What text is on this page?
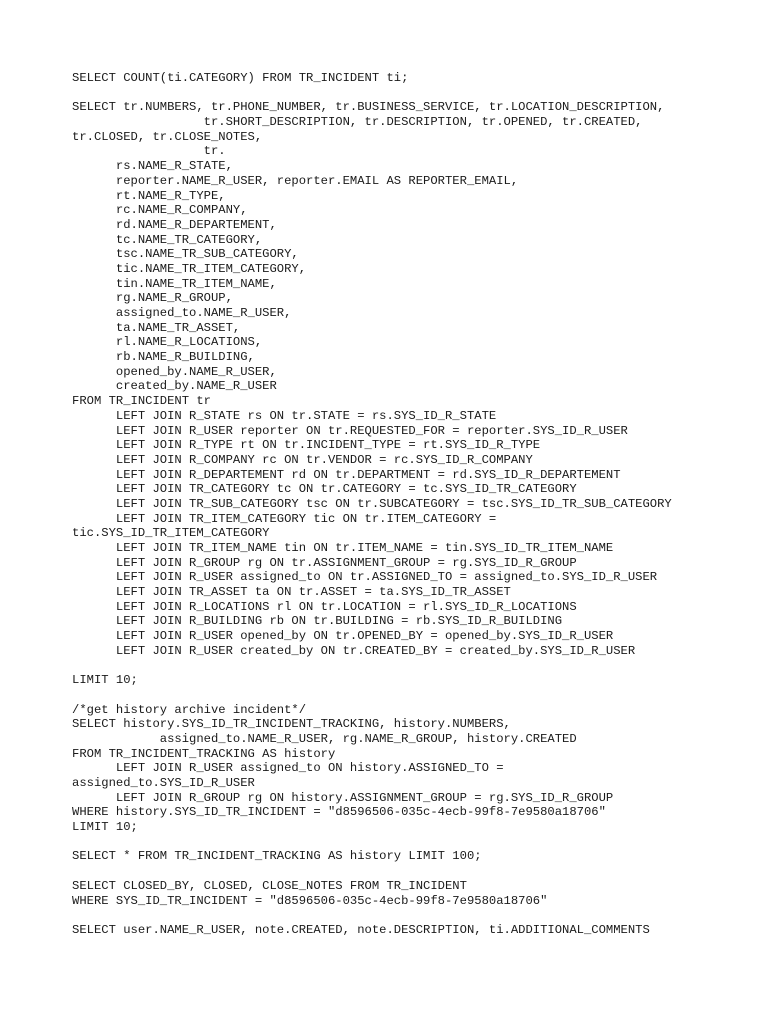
SELECT COUNT(ti.CATEGORY) FROM TR_INCIDENT ti;
SELECT tr.NUMBERS, tr.PHONE_NUMBER, tr.BUSINESS_SERVICE, tr.LOCATION_DESCRIPTION,
tr.SHORT_DESCRIPTION, tr.DESCRIPTION, tr.OPENED, tr.CREATED,
tr.CLOSED, tr.CLOSE_NOTES,
tr.
rs.NAME_R_STATE,
reporter.NAME_R_USER, reporter.EMAIL AS REPORTER_EMAIL,
rt.NAME_R_TYPE,
rc.NAME_R_COMPANY,
rd.NAME_R_DEPARTEMENT,
tc.NAME_TR_CATEGORY,
tsc.NAME_TR_SUB_CATEGORY,
tic.NAME_TR_ITEM_CATEGORY,
tin.NAME_TR_ITEM_NAME,
rg.NAME_R_GROUP,
assigned_to.NAME_R_USER,
ta.NAME_TR_ASSET,
rl.NAME_R_LOCATIONS,
rb.NAME_R_BUILDING,
opened_by.NAME_R_USER,
created_by.NAME_R_USER
FROM TR_INCIDENT tr
LEFT JOIN R_STATE rs ON tr.STATE = rs.SYS_ID_R_STATE
LEFT JOIN R_USER reporter ON tr.REQUESTED_FOR = reporter.SYS_ID_R_USER
LEFT JOIN R_TYPE rt ON tr.INCIDENT_TYPE = rt.SYS_ID_R_TYPE
LEFT JOIN R_COMPANY rc ON tr.VENDOR = rc.SYS_ID_R_COMPANY
LEFT JOIN R_DEPARTEMENT rd ON tr.DEPARTMENT = rd.SYS_ID_R_DEPARTEMENT
LEFT JOIN TR_CATEGORY tc ON tr.CATEGORY = tc.SYS_ID_TR_CATEGORY
LEFT JOIN TR_SUB_CATEGORY tsc ON tr.SUBCATEGORY = tsc.SYS_ID_TR_SUB_CATEGORY
LEFT JOIN TR_ITEM_CATEGORY tic ON tr.ITEM_CATEGORY =
tic.SYS_ID_TR_ITEM_CATEGORY
LEFT JOIN TR_ITEM_NAME tin ON tr.ITEM_NAME = tin.SYS_ID_TR_ITEM_NAME
LEFT JOIN R_GROUP rg ON tr.ASSIGNMENT_GROUP = rg.SYS_ID_R_GROUP
LEFT JOIN R_USER assigned_to ON tr.ASSIGNED_TO = assigned_to.SYS_ID_R_USER
LEFT JOIN TR_ASSET ta ON tr.ASSET = ta.SYS_ID_TR_ASSET
LEFT JOIN R_LOCATIONS rl ON tr.LOCATION = rl.SYS_ID_R_LOCATIONS
LEFT JOIN R_BUILDING rb ON tr.BUILDING = rb.SYS_ID_R_BUILDING
LEFT JOIN R_USER opened_by ON tr.OPENED_BY = opened_by.SYS_ID_R_USER
LEFT JOIN R_USER created_by ON tr.CREATED_BY = created_by.SYS_ID_R_USER
LIMIT 10;
/*get history archive incident*/
SELECT history.SYS_ID_TR_INCIDENT_TRACKING, history.NUMBERS,
assigned_to.NAME_R_USER, rg.NAME_R_GROUP, history.CREATED
FROM TR_INCIDENT_TRACKING AS history
LEFT JOIN R_USER assigned_to ON history.ASSIGNED_TO =
assigned_to.SYS_ID_R_USER
LEFT JOIN R_GROUP rg ON history.ASSIGNMENT_GROUP = rg.SYS_ID_R_GROUP
WHERE history.SYS_ID_TR_INCIDENT = "d8596506-035c-4ecb-99f8-7e9580a18706"
LIMIT 10;
SELECT * FROM TR_INCIDENT_TRACKING AS history LIMIT 100;
SELECT CLOSED_BY, CLOSED, CLOSE_NOTES FROM TR_INCIDENT
WHERE SYS_ID_TR_INCIDENT = "d8596506-035c-4ecb-99f8-7e9580a18706"
SELECT user.NAME_R_USER, note.CREATED, note.DESCRIPTION, ti.ADDITIONAL_COMMENTS
